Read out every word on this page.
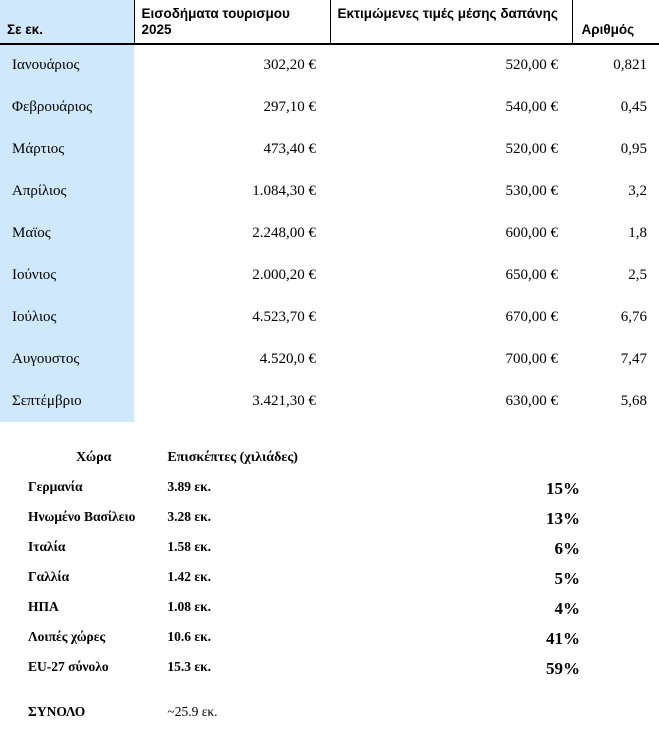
Σε εκ.	Εισοδήματα τουρισμου 2025	Εκτιμώμενες τιμές μέσης δαπάνης	Αριθμός
Ιανουάριος	302,20 €	520,00 €	0,821
Φεβρουάριος	297,10 €	540,00 €	0,45
Μάρτιος	473,40 €	520,00 €	0,95
Απρίλιος	1.084,30 €	530,00 €	3,2
Μαϊος	2.248,00 €	600,00 €	1,8
Ιούνιος	2.000,20 €	650,00 €	2,5
Ιούλιος	4.523,70 €	670,00 €	6,76
Αυγουστος	4.520,0 €	700,00 €	7,47
Σεπτέμβριο	3.421,30 €	630,00 €	5,68
Χώρα	Επισκέπτες (χιλιάδες)	
Γερμανία	3.89 εκ.	15%
Ηνωμένο Βασίλειο	3.28 εκ.	13%
Ιταλία	1.58 εκ.	6%
Γαλλία	1.42 εκ.	5%
ΗΠΑ	1.08 εκ.	4%
Λοιπές χώρες	10.6 εκ.	41%
EU-27 σύνολο	15.3 εκ.	59%
ΣΥΝΟΛΟ	~25.9 εκ.	
